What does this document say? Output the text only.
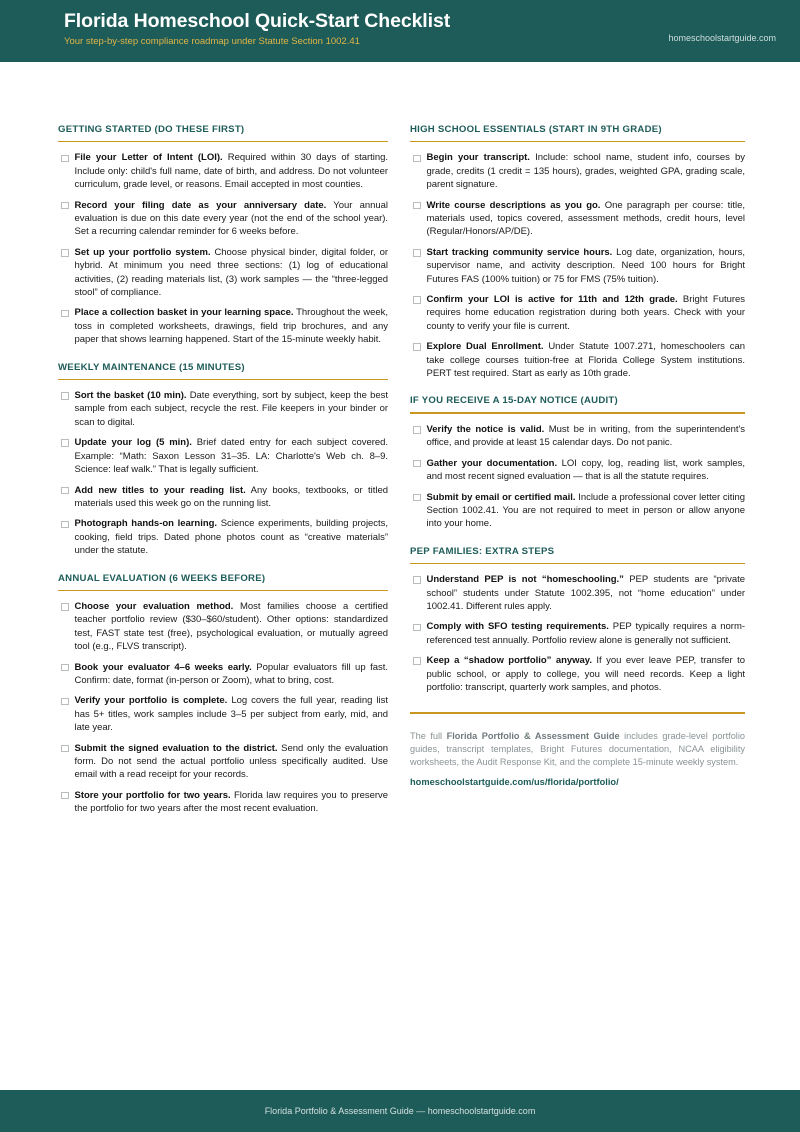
Florida Homeschool Quick-Start Checklist
Your step-by-step compliance roadmap under Statute Section 1002.41	homeschoolstartguide.com
GETTING STARTED (DO THESE FIRST)
File your Letter of Intent (LOI). Required within 30 days of starting. Include only: child's full name, date of birth, and address. Do not volunteer curriculum, grade level, or reasons. Email accepted in most counties.
Record your filing date as your anniversary date. Your annual evaluation is due on this date every year (not the end of the school year). Set a recurring calendar reminder for 6 weeks before.
Set up your portfolio system. Choose physical binder, digital folder, or hybrid. At minimum you need three sections: (1) log of educational activities, (2) reading materials list, (3) work samples — the “three-legged stool” of compliance.
Place a collection basket in your learning space. Throughout the week, toss in completed worksheets, drawings, field trip brochures, and any paper that shows learning happened. Start of the 15-minute weekly habit.
WEEKLY MAINTENANCE (15 MINUTES)
Sort the basket (10 min). Date everything, sort by subject, keep the best sample from each subject, recycle the rest. File keepers in your binder or scan to digital.
Update your log (5 min). Brief dated entry for each subject covered. Example: “Math: Saxon Lesson 31–35. LA: Charlotte's Web ch. 8–9. Science: leaf walk.” That is legally sufficient.
Add new titles to your reading list. Any books, textbooks, or titled materials used this week go on the running list.
Photograph hands-on learning. Science experiments, building projects, cooking, field trips. Dated phone photos count as “creative materials” under the statute.
ANNUAL EVALUATION (6 WEEKS BEFORE)
Choose your evaluation method. Most families choose a certified teacher portfolio review ($30–$60/student). Other options: standardized test, FAST state test (free), psychological evaluation, or mutually agreed tool (e.g., FLVS transcript).
Book your evaluator 4–6 weeks early. Popular evaluators fill up fast. Confirm: date, format (in-person or Zoom), what to bring, cost.
Verify your portfolio is complete. Log covers the full year, reading list has 5+ titles, work samples include 3–5 per subject from early, mid, and late year.
Submit the signed evaluation to the district. Send only the evaluation form. Do not send the actual portfolio unless specifically audited. Use email with a read receipt for your records.
Store your portfolio for two years. Florida law requires you to preserve the portfolio for two years after the most recent evaluation.
HIGH SCHOOL ESSENTIALS (START IN 9TH GRADE)
Begin your transcript. Include: school name, student info, courses by grade, credits (1 credit = 135 hours), grades, weighted GPA, grading scale, parent signature.
Write course descriptions as you go. One paragraph per course: title, materials used, topics covered, assessment methods, credit hours, level (Regular/Honors/AP/DE).
Start tracking community service hours. Log date, organization, hours, supervisor name, and activity description. Need 100 hours for Bright Futures FAS (100% tuition) or 75 for FMS (75% tuition).
Confirm your LOI is active for 11th and 12th grade. Bright Futures requires home education registration during both years. Check with your county to verify your file is current.
Explore Dual Enrollment. Under Statute 1007.271, homeschoolers can take college courses tuition-free at Florida College System institutions. PERT test required. Start as early as 10th grade.
IF YOU RECEIVE A 15-DAY NOTICE (AUDIT)
Verify the notice is valid. Must be in writing, from the superintendent's office, and provide at least 15 calendar days. Do not panic.
Gather your documentation. LOI copy, log, reading list, work samples, and most recent signed evaluation — that is all the statute requires.
Submit by email or certified mail. Include a professional cover letter citing Section 1002.41. You are not required to meet in person or allow anyone into your home.
PEP FAMILIES: EXTRA STEPS
Understand PEP is not “homeschooling.” PEP students are “private school” students under Statute 1002.395, not “home education” under 1002.41. Different rules apply.
Comply with SFO testing requirements. PEP typically requires a norm-referenced test annually. Portfolio review alone is generally not sufficient.
Keep a “shadow portfolio” anyway. If you ever leave PEP, transfer to public school, or apply to college, you will need records. Keep a light portfolio: transcript, quarterly work samples, and photos.
The full Florida Portfolio & Assessment Guide includes grade-level portfolio guides, transcript templates, Bright Futures documentation, NCAA eligibility worksheets, the Audit Response Kit, and the complete 15-minute weekly system.
homeschoolstartguide.com/us/florida/portfolio/
Florida Portfolio & Assessment Guide — homeschoolstartguide.com
